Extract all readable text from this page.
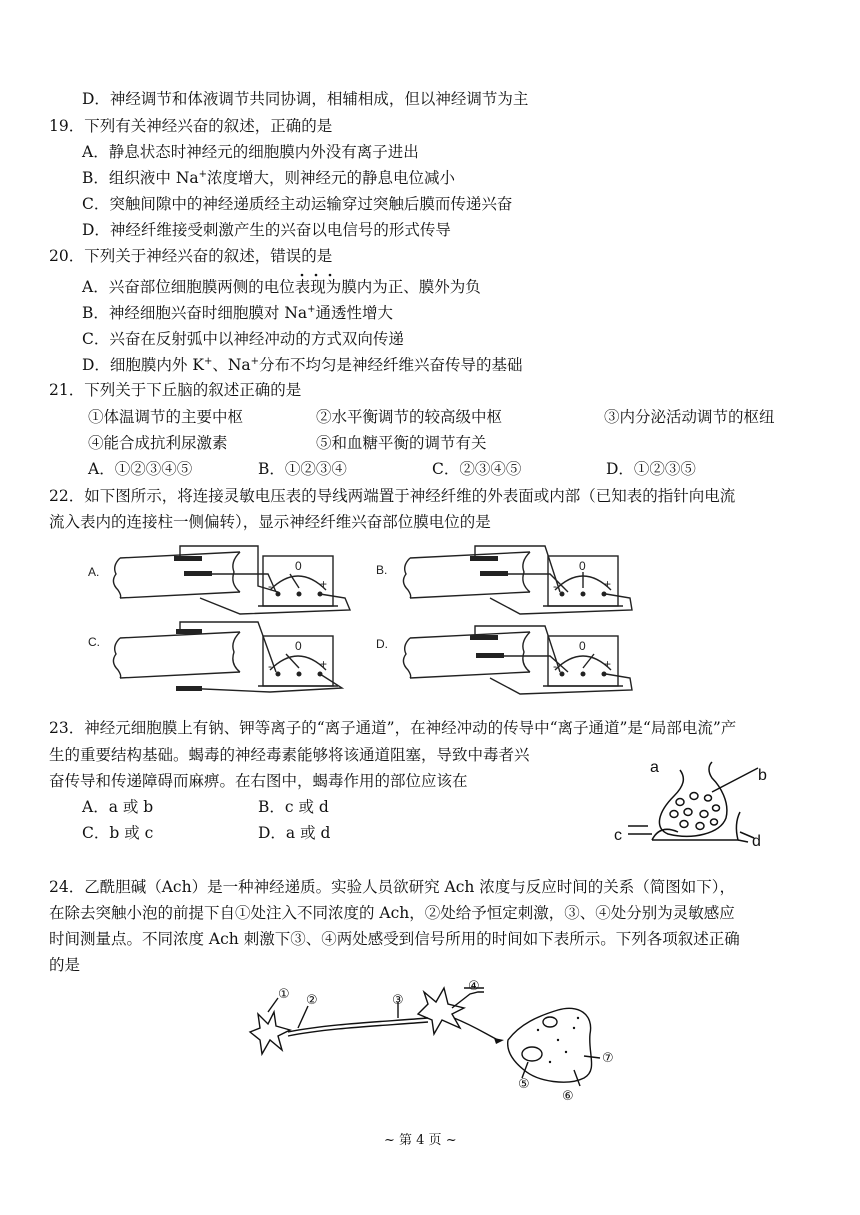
D．神经调节和体液调节共同协调，相辅相成，但以神经调节为主
19．下列有关神经兴奋的叙述，正确的是
A．静息状态时神经元的细胞膜内外没有离子进出
B．组织液中 Na+浓度增大，则神经元的静息电位减小
C．突触间隙中的神经递质经主动运输穿过突触后膜而传递兴奋
D．神经纤维接受刺激产生的兴奋以电信号的形式传导
20．下列关于神经兴奋的叙述，错误的是
A．兴奋部位细胞膜两侧的电位表现为膜内为正、膜外为负
B．神经细胞兴奋时细胞膜对 Na+通透性增大
C．兴奋在反射弧中以神经冲动的方式双向传递
D．细胞膜内外 K+、Na+分布不均匀是神经纤维兴奋传导的基础
21．下列关于下丘脑的叙述正确的是
①体温调节的主要中枢	②水平衡调节的较高级中枢	③内分泌活动调节的枢纽
④能合成抗利尿激素	⑤和血糖平衡的调节有关
A．①②③④⑤	B．①②③④	C．②③④⑤	D．①②③⑤
22．如下图所示，将连接灵敏电压表的导线两端置于神经纤维的外表面或内部（已知表的指针向电流
流入表内的连接柱一侧偏转），显示神经纤维兴奋部位膜电位的是
A.	B.
C.	D.
0	0
0	0
-	+	-	+
-	+	-	+
23．神经元细胞膜上有钠、钾等离子的“离子通道”，在神经冲动的传导中“离子通道”是“局部电流”产
生的重要结构基础。蝎毒的神经毒素能够将该通道阻塞，导致中毒者兴
奋传导和传递障碍而麻痹。在右图中，蝎毒作用的部位应该在
A．a 或 b	B．c 或 d
C．b 或 c	D．a 或 d
a	b
c	d
24．乙酰胆碱（Ach）是一种神经递质。实验人员欲研究 Ach 浓度与反应时间的关系（简图如下），
在除去突触小泡的前提下自①处注入不同浓度的 Ach，②处给予恒定刺激，③、④处分别为灵敏感应
时间测量点。不同浓度 Ach 刺激下③、④两处感受到信号所用的时间如下表所示。下列各项叙述正确
的是
① ②	③
④
⑤
⑥
⑦
~ 第 4 页 ~
